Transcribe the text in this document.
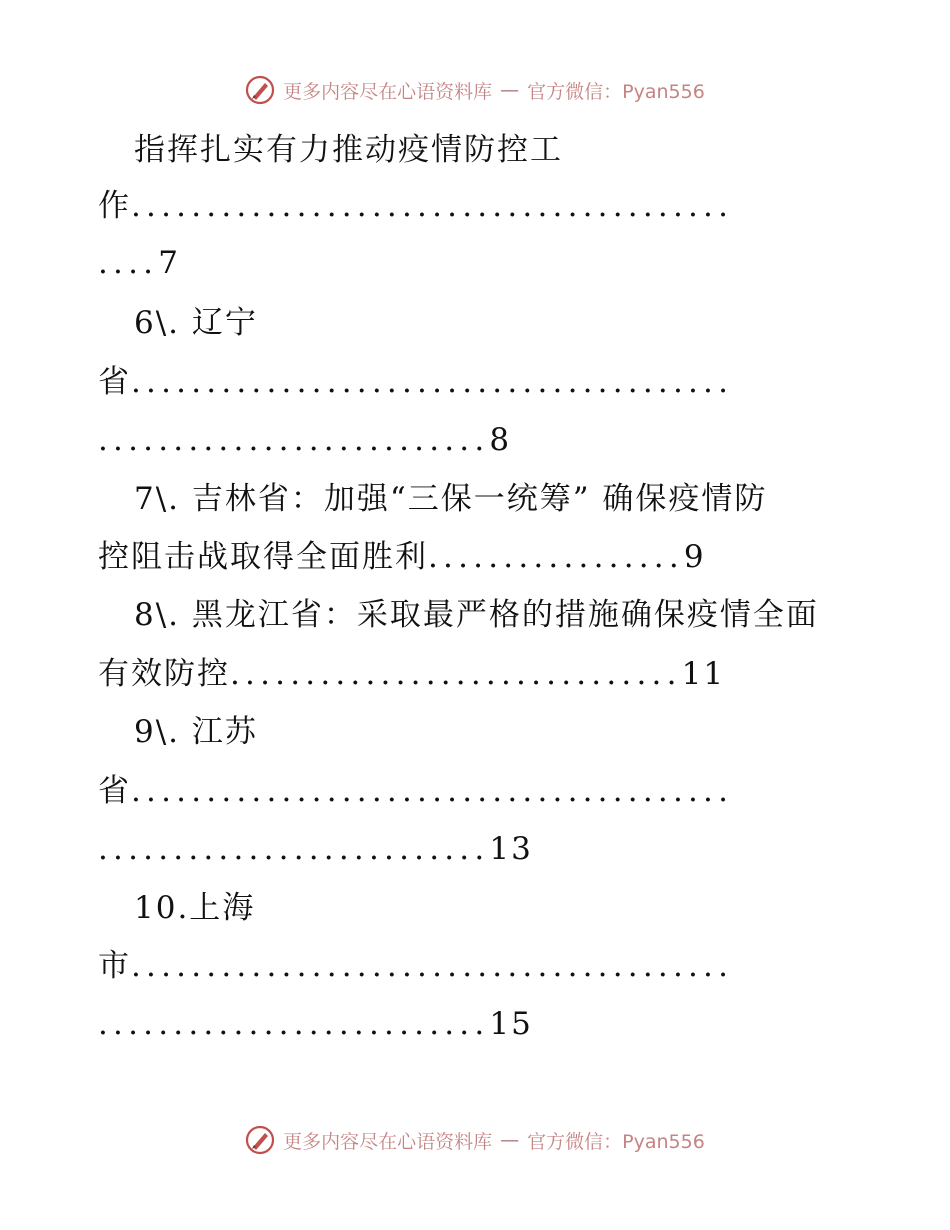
更多内容尽在心语资料库 — 官方微信：Pyan556
指挥扎实有力推动疫情防控工
作........................................
....7
6\. 辽宁
省........................................
..........................8
7\. 吉林省：加强“三保一统筹” 确保疫情防
控阻击战取得全面胜利.................9
8\. 黑龙江省：采取最严格的措施确保疫情全面
有效防控..............................11
9\. 江苏
省........................................
..........................13
10.上海
市........................................
..........................15
更多内容尽在心语资料库 — 官方微信：Pyan556
